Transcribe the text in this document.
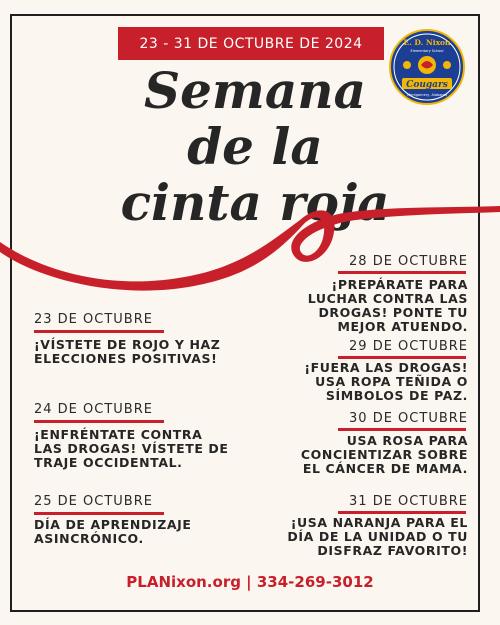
23 - 31 DE OCTUBRE DE 2024	E. D. Nixon
Elementary School
Cougars
Montgomery, Alabama
Semana
de la
cinta roja
23 DE OCTUBRE
¡VÍSTETE DE ROJO Y HAZ ELECCIONES POSITIVAS!
24 DE OCTUBRE
¡ENFRÉNTATE CONTRA LAS DROGAS! VÍSTETE DE TRAJE OCCIDENTAL.
25 DE OCTUBRE
DÍA DE APRENDIZAJE ASINCRÓNICO.
28 DE OCTUBRE
¡PREPÁRATE PARA LUCHAR CONTRA LAS DROGAS! PONTE TU MEJOR ATUENDO.
29 DE OCTUBRE
¡FUERA LAS DROGAS! USA ROPA TEÑIDA O SÍMBOLOS DE PAZ.
30 DE OCTUBRE
USA ROSA PARA CONCIENTIZAR SOBRE EL CÁNCER DE MAMA.
31 DE OCTUBRE
¡USA NARANJA PARA EL DÍA DE LA UNIDAD O TU DISFRAZ FAVORITO!
PLANixon.org | 334-269-3012
